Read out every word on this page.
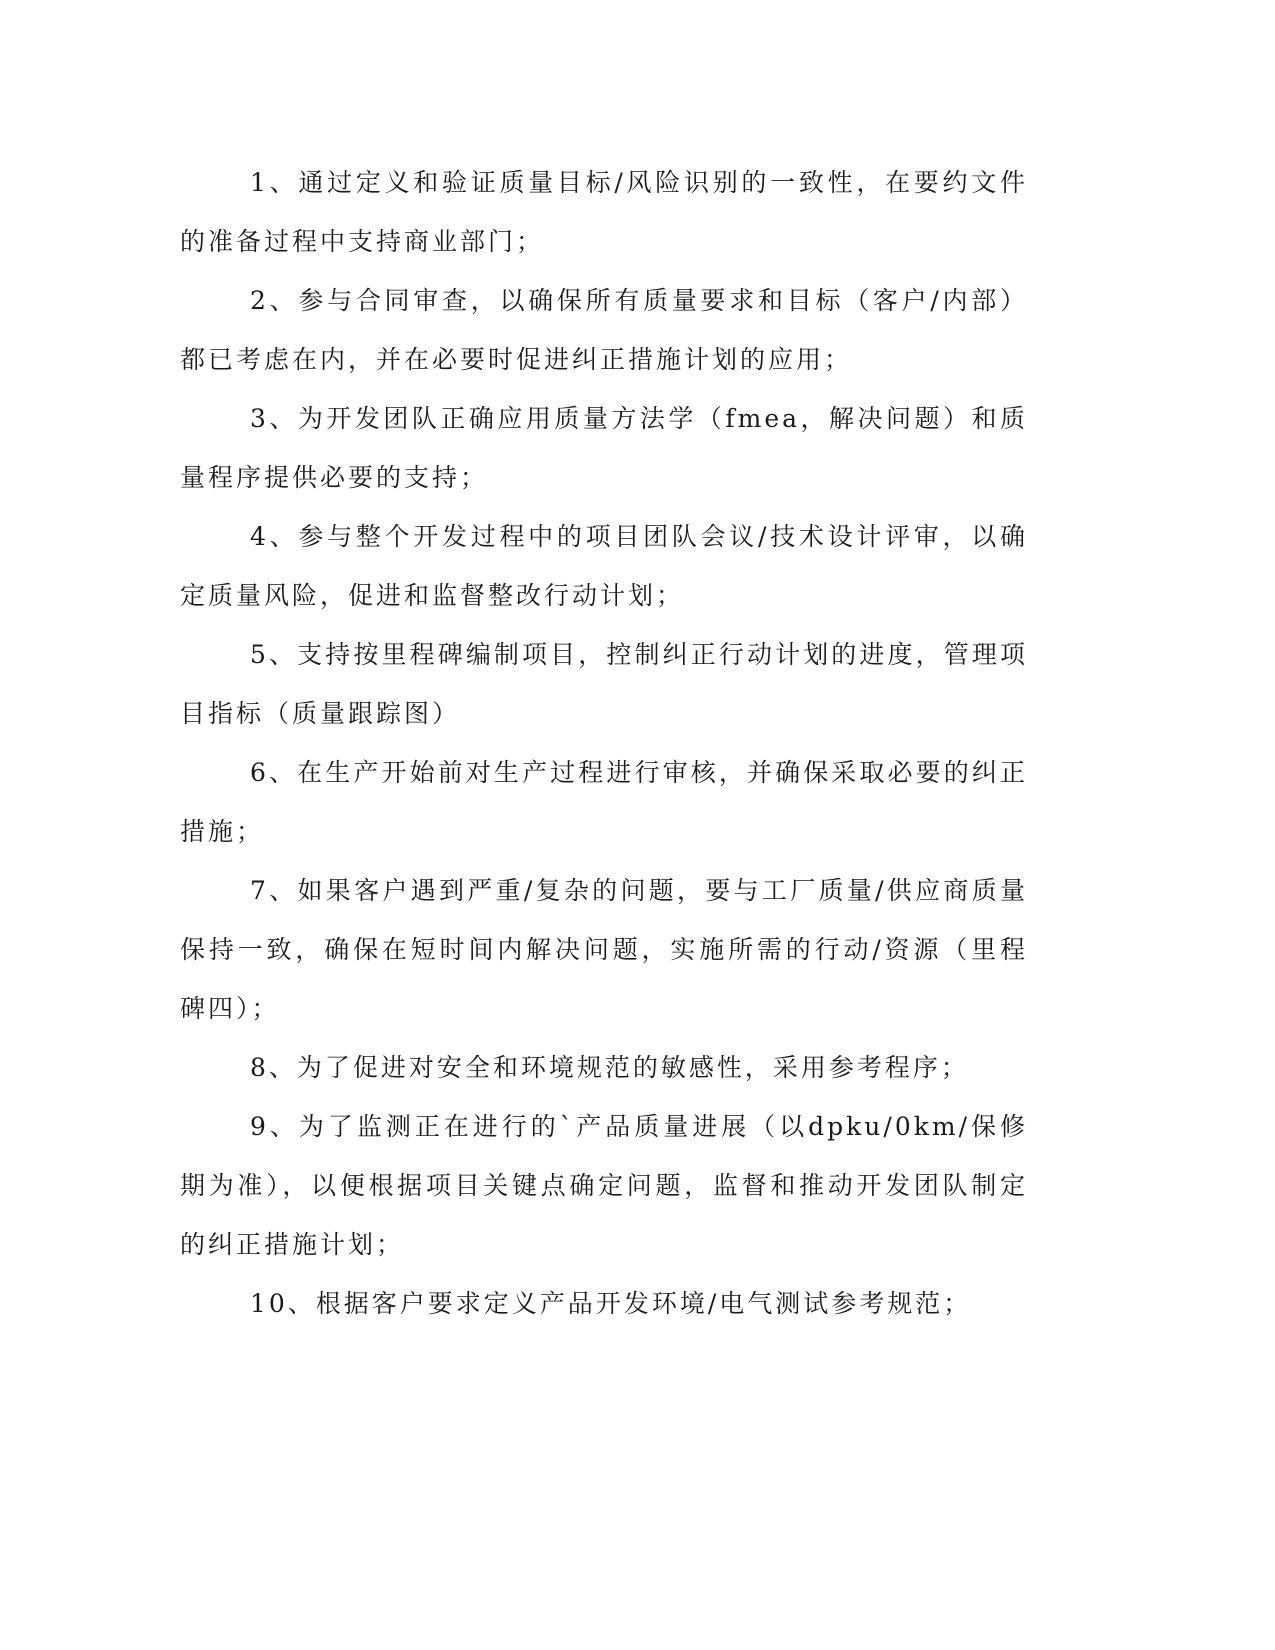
1、通过定义和验证质量目标/风险识别的一致性，在要约文件的准备过程中支持商业部门；

2、参与合同审查，以确保所有质量要求和目标（客户/内部）都已考虑在内，并在必要时促进纠正措施计划的应用；

3、为开发团队正确应用质量方法学（fmea，解决问题）和质量程序提供必要的支持；

4、参与整个开发过程中的项目团队会议/技术设计评审，以确定质量风险，促进和监督整改行动计划；

5、支持按里程碑编制项目，控制纠正行动计划的进度，管理项目指标（质量跟踪图）

6、在生产开始前对生产过程进行审核，并确保采取必要的纠正措施；

7、如果客户遇到严重/复杂的问题，要与工厂质量/供应商质量保持一致，确保在短时间内解决问题，实施所需的行动/资源（里程碑四）；

8、为了促进对安全和环境规范的敏感性，采用参考程序；

9、为了监测正在进行的`产品质量进展（以dpku/0km/保修期为准），以便根据项目关键点确定问题，监督和推动开发团队制定的纠正措施计划；

10、根据客户要求定义产品开发环境/电气测试参考规范；
